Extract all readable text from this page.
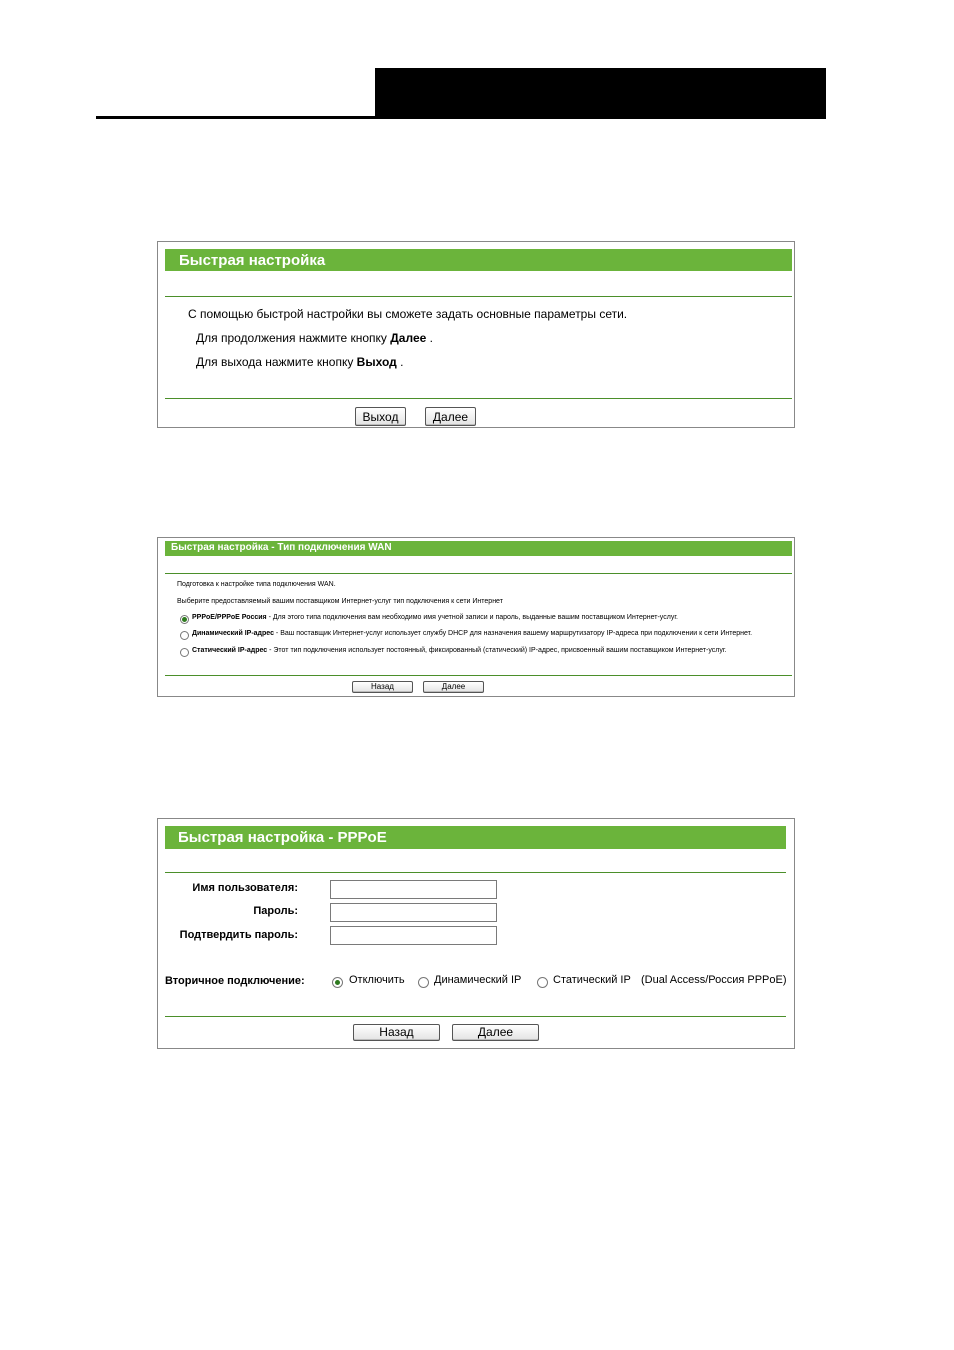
Быстрая настройка
С помощью быстрой настройки вы сможете задать основные параметры сети.
Для продолжения нажмите кнопку Далее .
Для выхода нажмите кнопку Выход .
Выход	Далее
Быстрая настройка - Тип подключения WAN
Подготовка к настройке типа подключения WAN.
Выберите предоставляемый вашим поставщиком Интернет-услуг тип подключения к сети Интернет
PPPoE/PPPoE Россия - Для этого типа подключения вам необходимо имя учетной записи и пароль, выданные вашим поставщиком Интернет-услуг.
Динамический IP-адрес - Ваш поставщик Интернет-услуг использует службу DHCP для назначения вашему маршрутизатору IP-адреса при подключении к сети Интернет.
Статический IP-адрес - Этот тип подключения использует постоянный, фиксированный (статический) IP-адрес, присвоенный вашим поставщиком Интернет-услуг.
Назад	Далее
Быстрая настройка - PPPoE
Имя пользователя:
Пароль:
Подтвердить пароль:
Вторичное подключение:	Отключить	Динамический IP	Статический IP (Dual Access/Россия PPPoE)
Назад	Далее
